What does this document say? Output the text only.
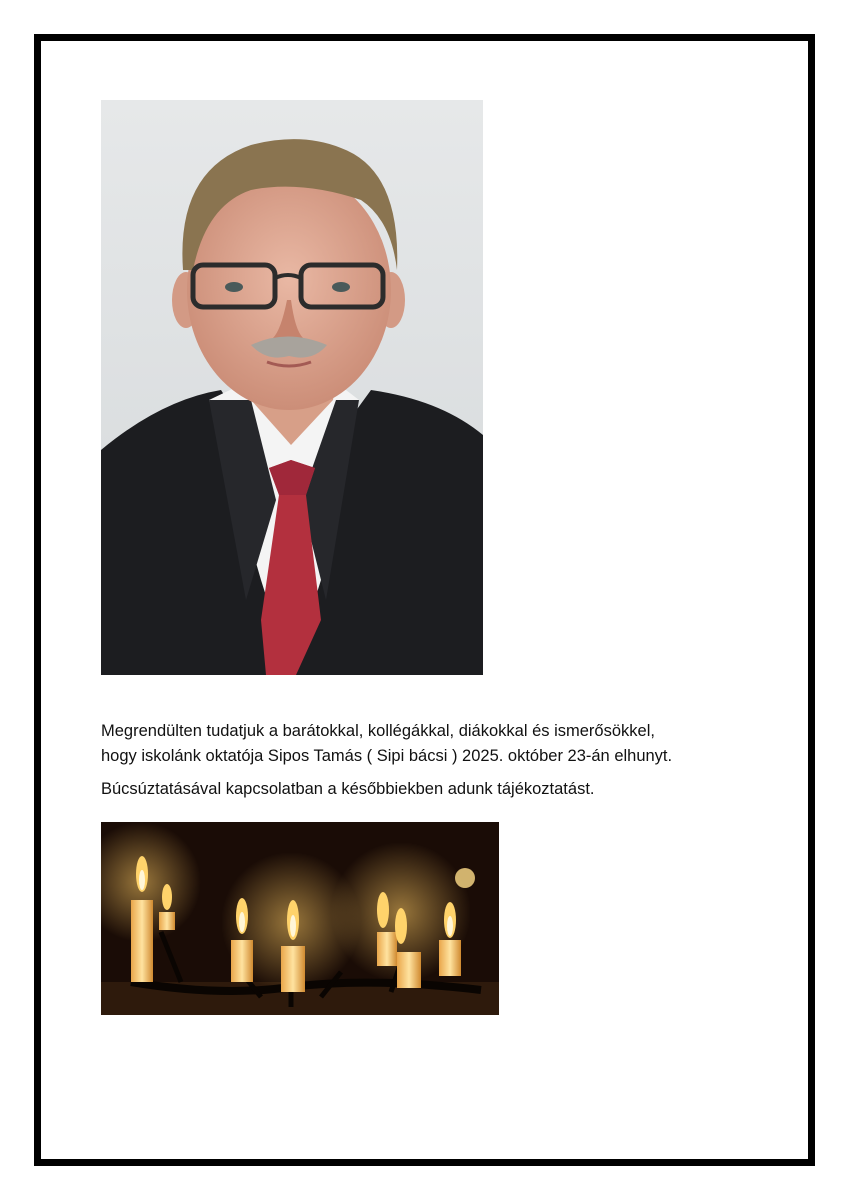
Megrendülten tudatjuk a barátokkal, kollégákkal, diákokkal és ismerősökkel,
hogy iskolánk oktatója Sipos Tamás ( Sipi bácsi ) 2025. október 23-án elhunyt.

Búcsúztatásával kapcsolatban a későbbiekben adunk tájékoztatást.
